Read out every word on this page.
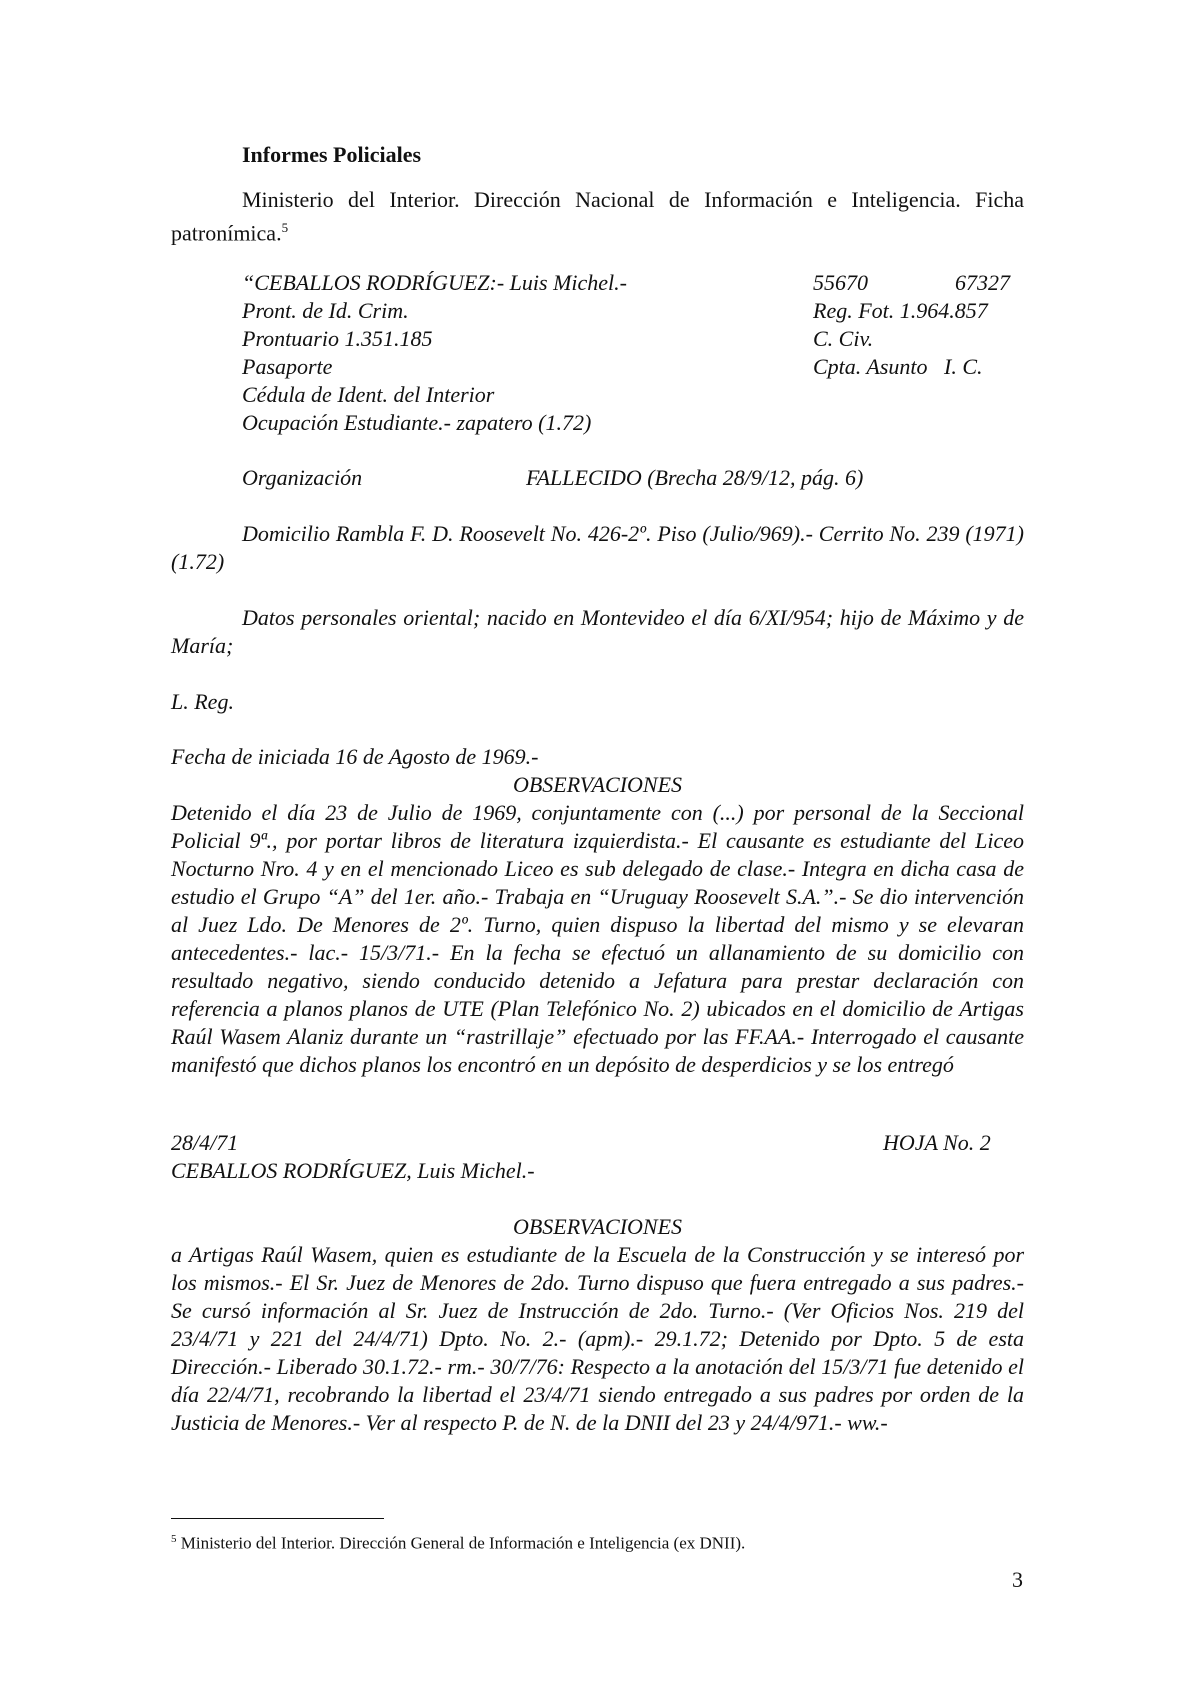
Informes Policiales
Ministerio del Interior. Dirección Nacional de Información e Inteligencia. Ficha patronímica.$^5$
“CEBALLOS RODRÍGUEZ:- Luis Michel.-	55670	67327
Pront. de Id. Crim.	Reg. Fot. 1.964.857
Prontuario 1.351.185	C. Civ.
Pasaporte	Cpta. Asunto   I. C.
Cédula de Ident. del Interior
Ocupación Estudiante.- zapatero (1.72)
Organización	FALLECIDO (Brecha 28/9/12, pág. 6)
Domicilio Rambla F. D. Roosevelt No. 426-2º. Piso (Julio/969).- Cerrito No. 239 (1971) (1.72)
Datos personales oriental; nacido en Montevideo el día 6/XI/954; hijo de Máximo y de María;
L. Reg.
Fecha de iniciada 16 de Agosto de 1969.-
OBSERVACIONES
Detenido el día 23 de Julio de 1969, conjuntamente con (...) por personal de la Seccional Policial 9ª., por portar libros de literatura izquierdista.- El causante es estudiante del Liceo Nocturno Nro. 4 y en el mencionado Liceo es sub delegado de clase.- Integra en dicha casa de estudio el Grupo “A” del 1er. año.- Trabaja en “Uruguay Roosevelt S.A.”.- Se dio intervención al Juez Ldo. De Menores de 2º. Turno, quien dispuso la libertad del mismo y se elevaran antecedentes.- lac.- 15/3/71.- En la fecha se efectuó un allanamiento de su domicilio con resultado negativo, siendo conducido detenido a Jefatura para prestar declaración con referencia a planos planos de UTE (Plan Telefónico No. 2) ubicados en el domicilio de Artigas Raúl Wasem Alaniz durante un “rastrillaje” efectuado por las FF.AA.- Interrogado el causante manifestó que dichos planos los encontró en un depósito de desperdicios y se los entregó
28/4/71	HOJA No. 2
CEBALLOS RODRÍGUEZ, Luis Michel.-
OBSERVACIONES
a Artigas Raúl Wasem, quien es estudiante de la Escuela de la Construcción y se interesó por los mismos.- El Sr. Juez de Menores de 2do. Turno dispuso que fuera entregado a sus padres.- Se cursó información al Sr. Juez de Instrucción de 2do. Turno.- (Ver Oficios Nos. 219 del 23/4/71 y 221 del 24/4/71) Dpto. No. 2.- (apm).- 29.1.72; Detenido por Dpto. 5 de esta Dirección.- Liberado 30.1.72.- rm.- 30/7/76: Respecto a la anotación del 15/3/71 fue detenido el día 22/4/71, recobrando la libertad el 23/4/71 siendo entregado a sus padres por orden de la Justicia de Menores.- Ver al respecto P. de N. de la DNII del 23 y 24/4/971.- ww.-
$^5$ Ministerio del Interior. Dirección General de Información e Inteligencia (ex DNII).
3
